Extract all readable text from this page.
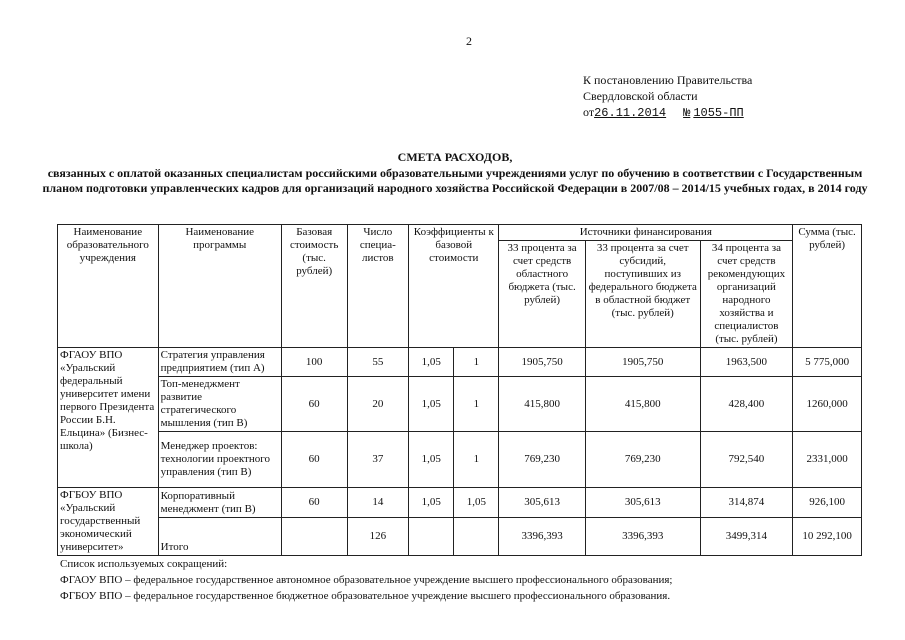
2
К постановлению Правительства
Свердловской области
от26.11.2014 № 1055-ПП
СМЕТА РАСХОДОВ,
связанных с оплатой оказанных специалистам российскими образовательными учреждениями услуг по обучению в соответствии с Государственным планом подготовки управленческих кадров для организаций народного хозяйства Российской Федерации в 2007/08 – 2014/15 учебных годах, в 2014 году
Наименование образовательного учреждения	Наименование программы	Базовая стоимость (тыс. рублей)	Число специа-листов	Коэффициенты к базовой стоимости		Источники финансирования			Сумма (тыс. рублей)
						33 процента за счет средств областного бюджета (тыс. рублей)	33 процента за счет субсидий, поступивших из федерального бюджета в областной бюджет (тыс. рублей)	34 процента за счет средств рекомендующих организаций народного хозяйства и специалистов (тыс. рублей)	
ФГАОУ ВПО «Уральский федеральный университет имени первого Президента России Б.Н. Ельцина» (Бизнес-школа)	Стратегия управления предприятием (тип А)	100	55	1,05	1	1905,750	1905,750	1963,500	5 775,000
	Топ-менеджмент развитие стратегического мышления (тип В)	60	20	1,05	1	415,800	415,800	428,400	1260,000
	Менеджер проектов: технологии проектного управления (тип В)	60	37	1,05	1	769,230	769,230	792,540	2331,000
ФГБОУ ВПО «Уральский государственный экономический университет»	Корпоративный менеджмент (тип В)	60	14	1,05	1,05	305,613	305,613	314,874	926,100
	Итого		126			3396,393	3396,393	3499,314	10 292,100
Список используемых сокращений:
ФГАОУ ВПО – федеральное государственное автономное образовательное учреждение высшего профессионального образования;
ФГБОУ ВПО – федеральное государственное бюджетное образовательное учреждение высшего профессионального образования.
